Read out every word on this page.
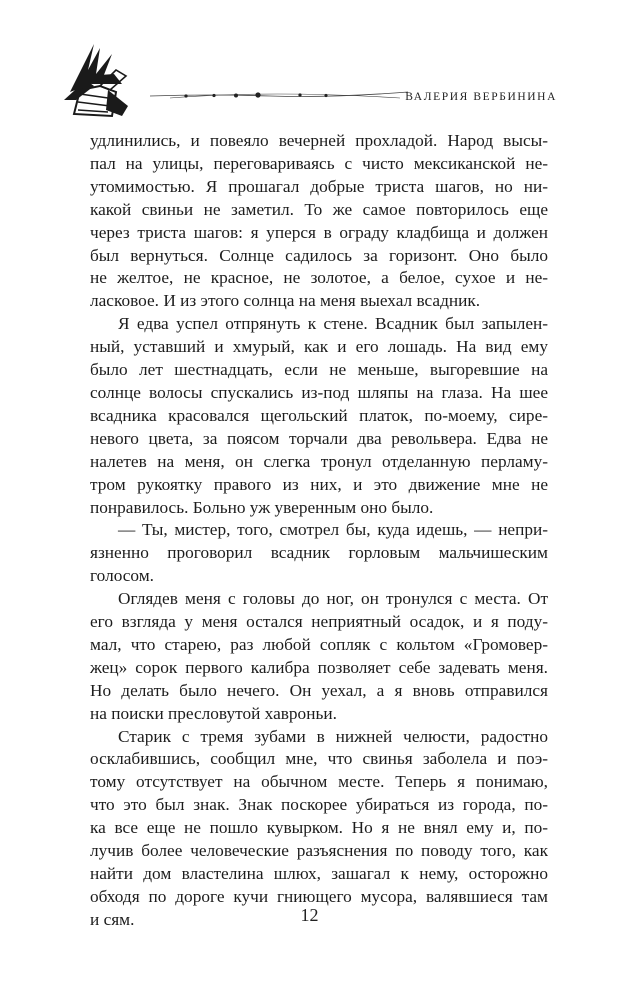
ВАЛЕРИЯ ВЕРБИНИНА

удлинились, и повеяло вечерней прохладой. Народ высы-

пал на улицы, переговариваясь с чисто мексиканской не-

утомимостью. Я прошагал добрые триста шагов, но ни-

какой свиньи не заметил. То же самое повторилось еще

через триста шагов: я уперся в ограду кладбища и должен

был вернуться. Солнце садилось за горизонт. Оно было

не желтое, не красное, не золотое, а белое, сухое и не-

ласковое. И из этого солнца на меня выехал всадник.

Я едва успел отпрянуть к стене. Всадник был запылен-

ный, уставший и хмурый, как и его лошадь. На вид ему

было лет шестнадцать, если не меньше, выгоревшие на

солнце волосы спускались из-под шляпы на глаза. На шее

всадника красовался щегольский платок, по-моему, сире-

невого цвета, за поясом торчали два револьвера. Едва не

налетев на меня, он слегка тронул отделанную перламу-

тром рукоятку правого из них, и это движение мне не

понравилось. Больно уж уверенным оно было.

— Ты, мистер, того, смотрел бы, куда идешь, — непри-

язненно проговорил всадник горловым мальчишеским

голосом.

Оглядев меня с головы до ног, он тронулся с места. От

его взгляда у меня остался неприятный осадок, и я поду-

мал, что старею, раз любой сопляк с кольтом «Громовер-

жец» сорок первого калибра позволяет себе задевать меня.

Но делать было нечего. Он уехал, а я вновь отправился

на поиски пресловутой хавроньи.

Старик с тремя зубами в нижней челюсти, радостно

осклабившись, сообщил мне, что свинья заболела и поэ-

тому отсутствует на обычном месте. Теперь я понимаю,

что это был знак. Знак поскорее убираться из города, по-

ка все еще не пошло кувырком. Но я не внял ему и, по-

лучив более человеческие разъяснения по поводу того, как

найти дом властелина шлюх, зашагал к нему, осторожно

обходя по дороге кучи гниющего мусора, валявшиеся там

и сям.	12
